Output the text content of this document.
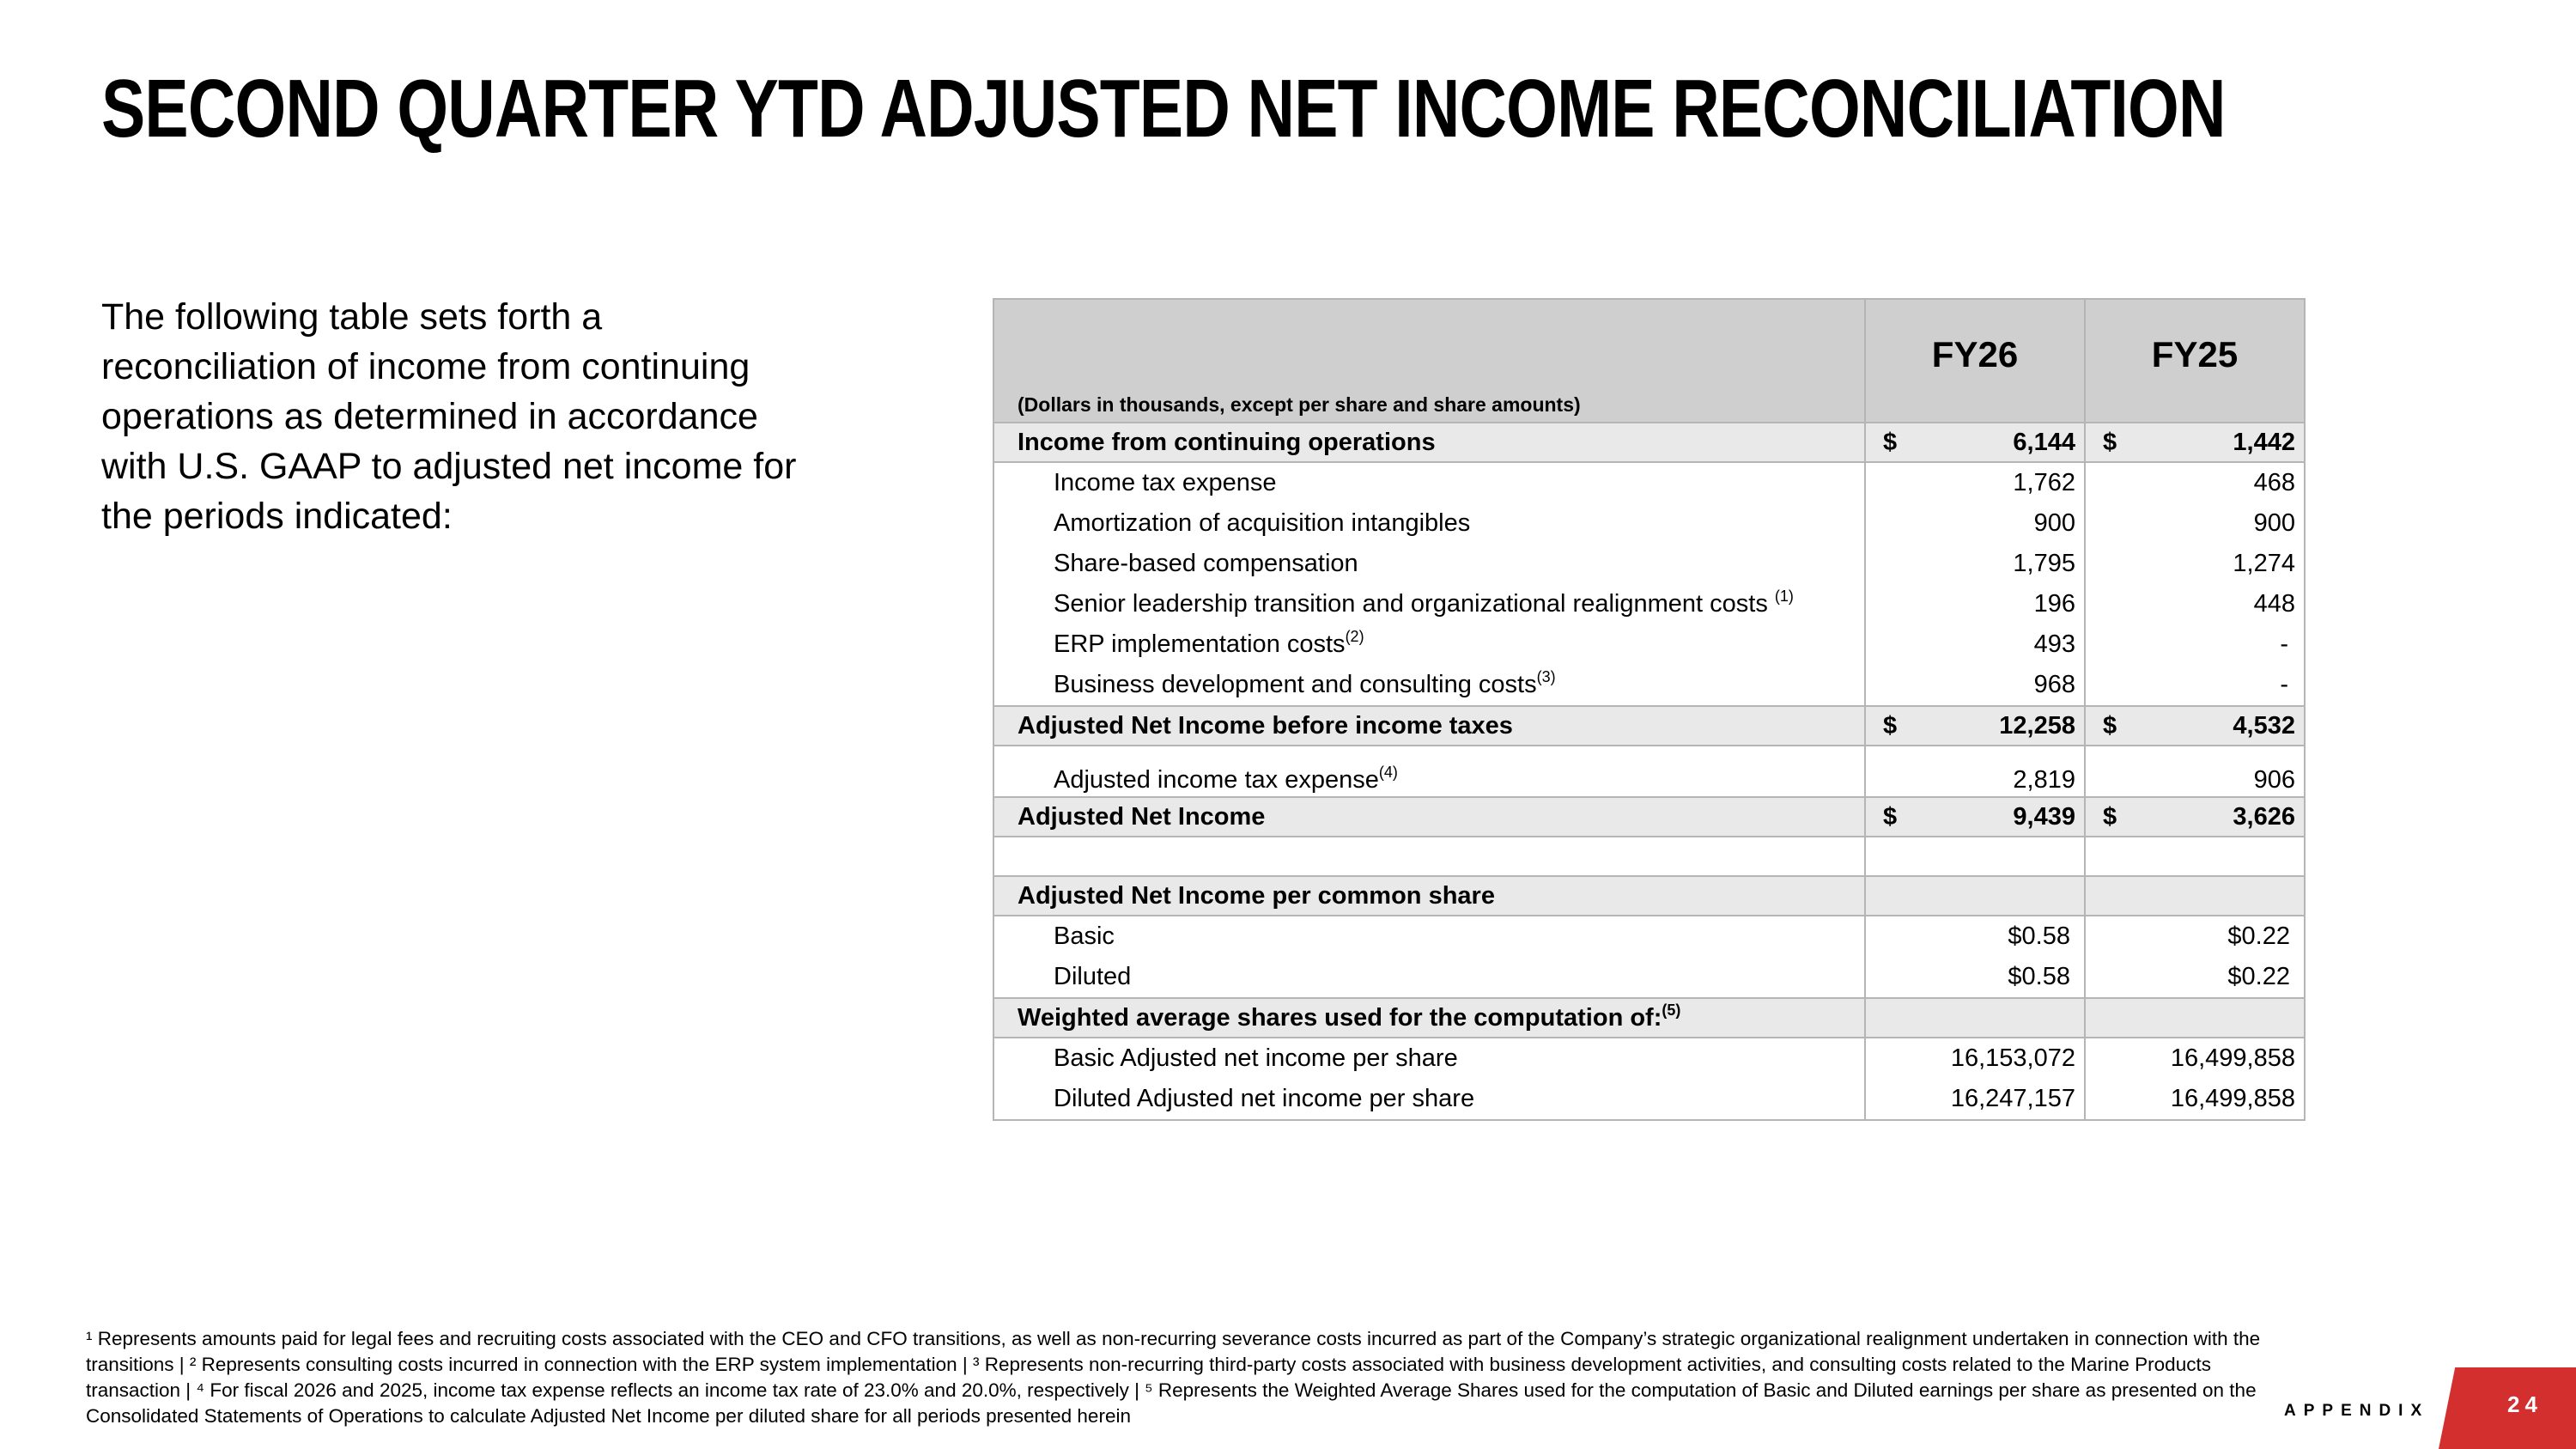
SECOND QUARTER YTD ADJUSTED NET INCOME RECONCILIATION

The following table sets forth a reconciliation of income from continuing operations as determined in accordance with U.S. GAAP to adjusted net income for the periods indicated:

(Dollars in thousands, except per share and share amounts)	FY26	FY25
Income from continuing operations	$ 6,144	$ 1,442
Income tax expense	1,762	468
Amortization of acquisition intangibles	900	900
Share-based compensation	1,795	1,274
Senior leadership transition and organizational realignment costs $^{(1)}$	196	448
ERP implementation costs$^{(2)}$	493	-
Business development and consulting costs$^{(3)}$	968	-
Adjusted Net Income before income taxes	$ 12,258	$ 4,532
Adjusted income tax expense$^{(4)}$	2,819	906
Adjusted Net Income	$ 9,439	$ 3,626

Adjusted Net Income per common share		
Basic	$0.58	$0.22
Diluted	$0.58	$0.22
Weighted average shares used for the computation of:$^{(5)}$		
Basic Adjusted net income per share	16,153,072	16,499,858
Diluted Adjusted net income per share	16,247,157	16,499,858

¹ Represents amounts paid for legal fees and recruiting costs associated with the CEO and CFO transitions, as well as non-recurring severance costs incurred as part of the Company’s strategic organizational realignment undertaken in connection with the transitions | ² Represents consulting costs incurred in connection with the ERP system implementation | ³ Represents non-recurring third-party costs associated with business development activities, and consulting costs related to the Marine Products transaction | ⁴ For fiscal 2026 and 2025, income tax expense reflects an income tax rate of 23.0% and 20.0%, respectively | ⁵ Represents the Weighted Average Shares used for the computation of Basic and Diluted earnings per share as presented on the Consolidated Statements of Operations to calculate Adjusted Net Income per diluted share for all periods presented herein	APPENDIX	24
